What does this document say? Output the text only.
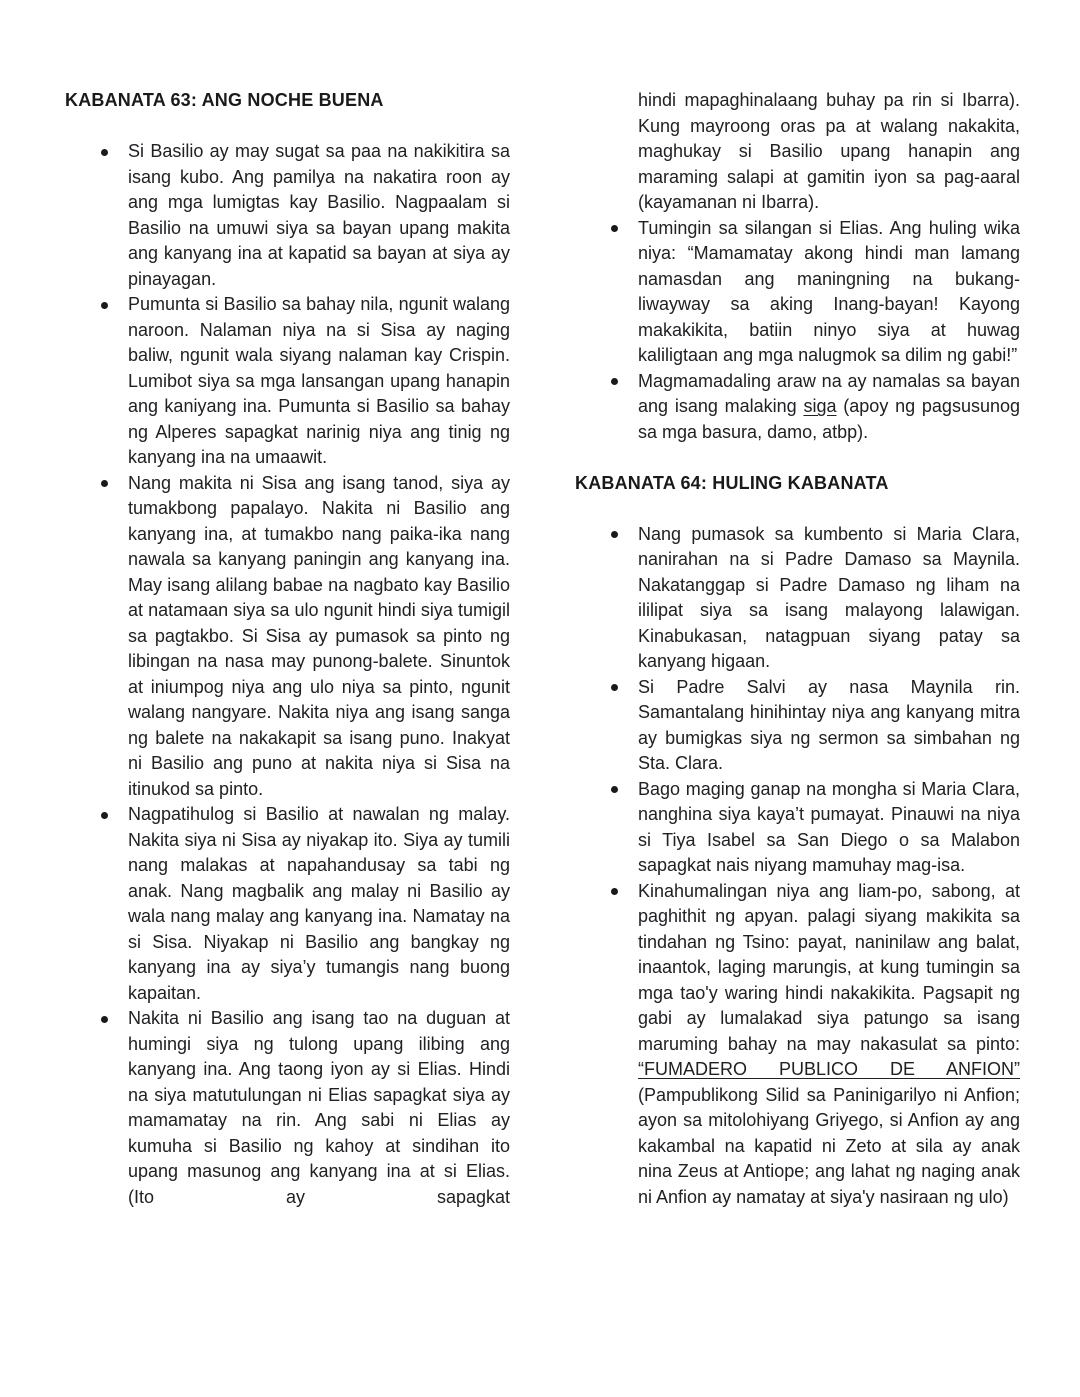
KABANATA 63: ANG NOCHE BUENA
Si Basilio ay may sugat sa paa na nakikitira sa isang kubo. Ang pamilya na nakatira roon ay ang mga lumigtas kay Basilio. Nagpaalam si Basilio na umuwi siya sa bayan upang makita ang kanyang ina at kapatid sa bayan at siya ay pinayagan.
Pumunta si Basilio sa bahay nila, ngunit walang naroon. Nalaman niya na si Sisa ay naging baliw, ngunit wala siyang nalaman kay Crispin. Lumibot siya sa mga lansangan upang hanapin ang kaniyang ina. Pumunta si Basilio sa bahay ng Alperes sapagkat narinig niya ang tinig ng kanyang ina na umaawit.
Nang makita ni Sisa ang isang tanod, siya ay tumakbong papalayo. Nakita ni Basilio ang kanyang ina, at tumakbo nang paika-ika nang nawala sa kanyang paningin ang kanyang ina. May isang alilang babae na nagbato kay Basilio at natamaan siya sa ulo ngunit hindi siya tumigil sa pagtakbo. Si Sisa ay pumasok sa pinto ng libingan na nasa may punong-balete. Sinuntok at iniumpog niya ang ulo niya sa pinto, ngunit walang nangyare. Nakita niya ang isang sanga ng balete na nakakapit sa isang puno. Inakyat ni Basilio ang puno at nakita niya si Sisa na itinukod sa pinto.
Nagpatihulog si Basilio at nawalan ng malay. Nakita siya ni Sisa ay niyakap ito. Siya ay tumili nang malakas at napahandusay sa tabi ng anak. Nang magbalik ang malay ni Basilio ay wala nang malay ang kanyang ina. Namatay na si Sisa. Niyakap ni Basilio ang bangkay ng kanyang ina ay siya’y tumangis nang buong kapaitan.
Nakita ni Basilio ang isang tao na duguan at humingi siya ng tulong upang ilibing ang kanyang ina. Ang taong iyon ay si Elias. Hindi na siya matutulungan ni Elias sapagkat siya ay mamamatay na rin. Ang sabi ni Elias ay kumuha si Basilio ng kahoy at sindihan ito upang masunog ang kanyang ina at si Elias. (Ito ay sapagkat

hindi mapaghinalaang buhay pa rin si Ibarra). Kung mayroong oras pa at walang nakakita, maghukay si Basilio upang hanapin ang maraming salapi at gamitin iyon sa pag-aaral (kayamanan ni Ibarra).

Tumingin sa silangan si Elias. Ang huling wika niya: “Mamamatay akong hindi man lamang namasdan ang maningning na bukang-liwayway sa aking Inang-bayan! Kayong makakikita, batiin ninyo siya at huwag kaliligtaan ang mga nalugmok sa dilim ng gabi!”
Magmamadaling araw na ay namalas sa bayan ang isang malaking siga (apoy ng pagsusunog sa mga basura, damo, atbp).
KABANATA 64: HULING KABANATA
Nang pumasok sa kumbento si Maria Clara, nanirahan na si Padre Damaso sa Maynila. Nakatanggap si Padre Damaso ng liham na ililipat siya sa isang malayong lalawigan. Kinabukasan, natagpuan siyang patay sa kanyang higaan.
Si Padre Salvi ay nasa Maynila rin. Samantalang hinihintay niya ang kanyang mitra ay bumigkas siya ng sermon sa simbahan ng Sta. Clara.
Bago maging ganap na mongha si Maria Clara, nanghina siya kaya’t pumayat. Pinauwi na niya si Tiya Isabel sa San Diego o sa Malabon sapagkat nais niyang mamuhay mag-isa.
Kinahumalingan niya ang liam-po, sabong, at paghithit ng apyan. palagi siyang makikita sa tindahan ng Tsino: payat, naninilaw ang balat, inaantok, laging marungis, at kung tumingin sa mga tao'y waring hindi nakakikita. Pagsapit ng gabi ay lumalakad siya patungo sa isang maruming bahay na may nakasulat sa pinto: “FUMADERO PUBLICO DE ANFION” (Pampublikong Silid sa Paninigarilyo ni Anfion; ayon sa mitolohiyang Griyego, si Anfion ay ang kakambal na kapatid ni Zeto at sila ay anak nina Zeus at Antiope; ang lahat ng naging anak ni Anfion ay namatay at siya'y nasiraan ng ulo)
